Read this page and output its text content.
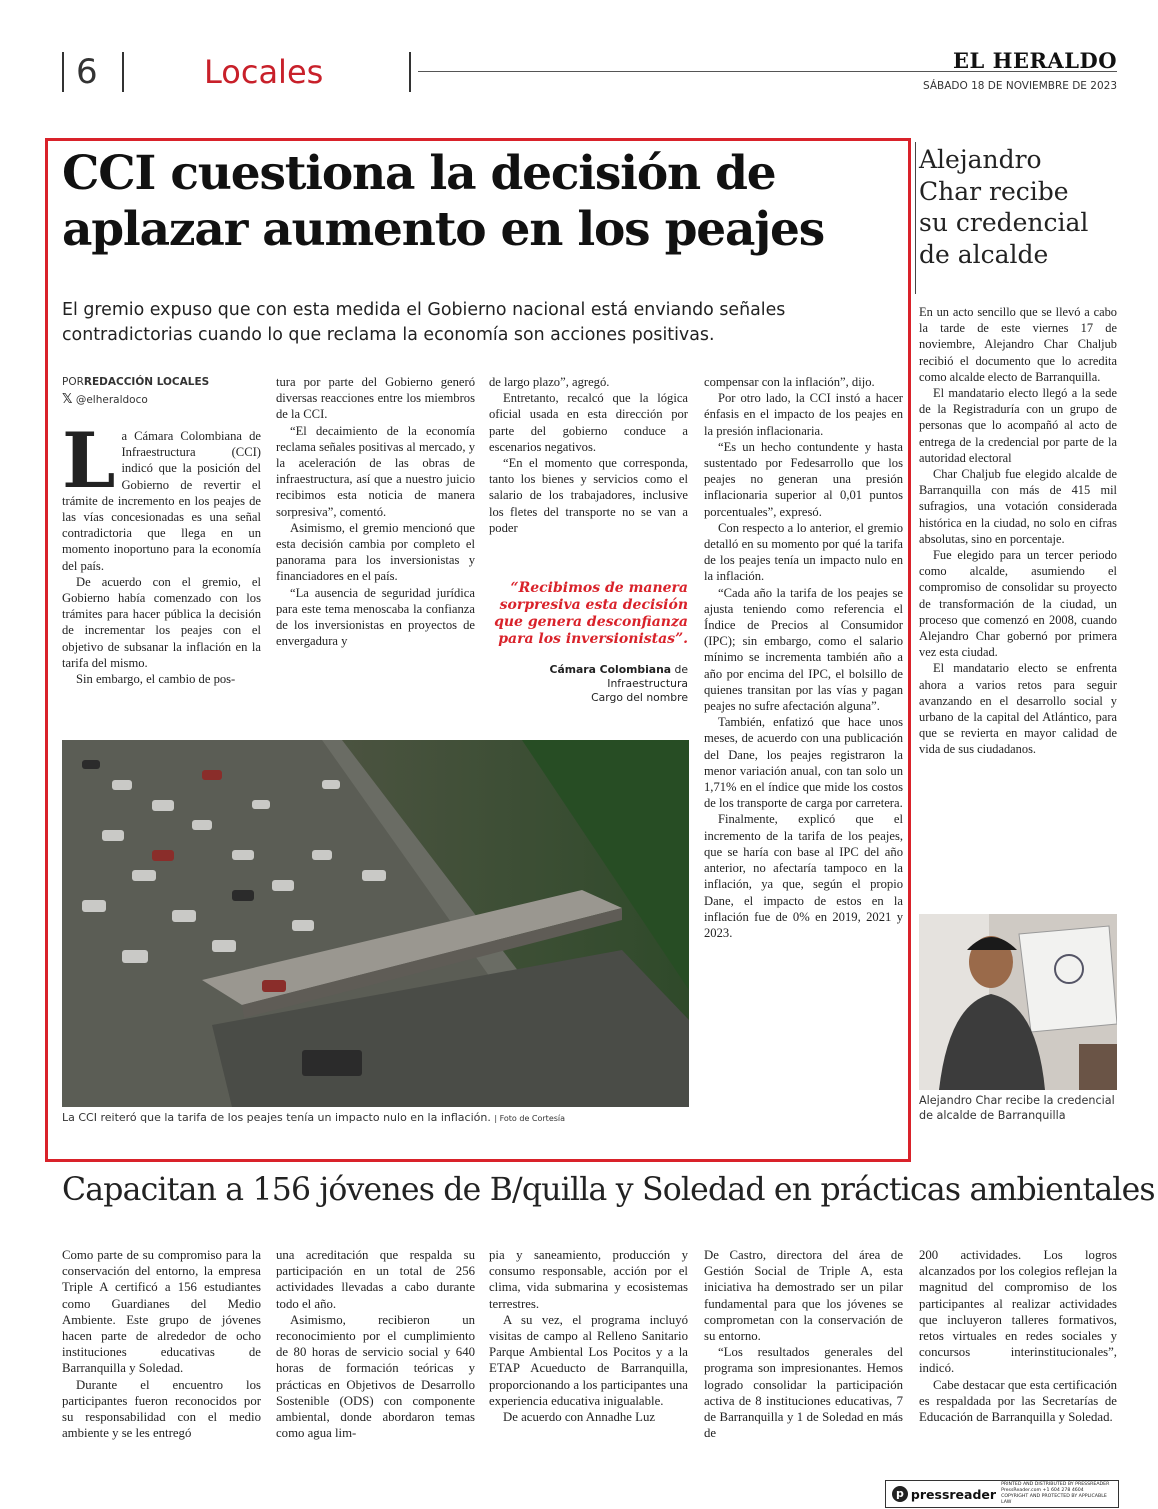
6	Locales	EL HERALDO
SÁBADO 18 DE NOVIEMBRE DE 2023
CCI cuestiona la decisión de
aplazar aumento en los peajes
El gremio expuso que con esta medida el Gobierno nacional está enviando señales
contradictorias cuando lo que reclama la economía son acciones positivas.
PORREDACCIÓN LOCALES
𝕏 @elheraldoco
L a Cámara Colombiana de Infraestructura (CCI) indicó que la posición del Gobierno de revertir el trámite de incremento en los peajes de las vías concesionadas es una señal contradictoria que llega en un momento inoportuno para la economía del país.

De acuerdo con el gremio, el Gobierno había comenzado con los trámites para hacer pública la decisión de incrementar los peajes con el objetivo de subsanar la inflación en la tarifa del mismo.

Sin embargo, el cambio de pos-

tura por parte del Gobierno generó diversas reacciones entre los miembros de la CCI.

“El decaimiento de la economía reclama señales positivas al mercado, y la aceleración de las obras de infraestructura, así que a nuestro juicio recibimos esta noticia de manera sorpresiva”, comentó.

Asimismo, el gremio mencionó que esta decisión cambia por completo el panorama para los inversionistas y financiadores en el país.

“La ausencia de seguridad jurídica para este tema menoscaba la confianza de los inversionistas en proyectos de envergadura y

de largo plazo”, agregó.

Entretanto, recalcó que la lógica oficial usada en esta dirección por parte del gobierno conduce a escenarios negativos.

“En el momento que corresponda, tanto los bienes y servicios como el salario de los trabajadores, inclusive los fletes del transporte no se van a poder

“Recibimos de manera sorpresiva esta decisión que genera desconfianza para los inversionistas”.
Cámara Colombiana de
Infraestructura
Cargo del nombre

compensar con la inflación”, dijo.

Por otro lado, la CCI instó a hacer énfasis en el impacto de los peajes en la presión inflacionaria.

“Es un hecho contundente y hasta sustentado por Fedesarrollo que los peajes no generan una presión inflacionaria superior al 0,01 puntos porcentuales”, expresó.

Con respecto a lo anterior, el gremio detalló en su momento por qué la tarifa de los peajes tenía un impacto nulo en la inflación.

“Cada año la tarifa de los peajes se ajusta teniendo como referencia el Índice de Precios al Consumidor (IPC); sin embargo, como el salario mínimo se incrementa también año a año por encima del IPC, el bolsillo de quienes transitan por las vías y pagan peajes no sufre afectación alguna”.

También, enfatizó que hace unos meses, de acuerdo con una publicación del Dane, los peajes registraron la menor variación anual, con tan solo un 1,71% en el índice que mide los costos de los transporte de carga por carretera.

Finalmente, explicó que el incremento de la tarifa de los peajes, que se haría con base al IPC del año anterior, no afectaría tampoco en la inflación, ya que, según el propio Dane, el impacto de estos en la inflación fue de 0% en 2019, 2021 y 2023.

La CCI reiteró que la tarifa de los peajes tenía un impacto nulo en la inflación. | Foto de Cortesía
Alejandro
Char recibe
su credencial
de alcalde

En un acto sencillo que se llevó a cabo la tarde de este viernes 17 de noviembre, Alejandro Char Chaljub recibió el documento que lo acredita como alcalde electo de Barranquilla.

El mandatario electo llegó a la sede de la Registraduría con un grupo de personas que lo acompañó al acto de entrega de la credencial por parte de la autoridad electoral

Char Chaljub fue elegido alcalde de Barranquilla con más de 415 mil sufragios, una votación considerada histórica en la ciudad, no solo en cifras absolutas, sino en porcentaje.

Fue elegido para un tercer periodo como alcalde, asumiendo el compromiso de consolidar su proyecto de transformación de la ciudad, un proceso que comenzó en 2008, cuando Alejandro Char gobernó por primera vez esta ciudad.

El mandatario electo se enfrenta ahora a varios retos para seguir avanzando en el desarrollo social y urbano de la capital del Atlántico, para que se revierta en mayor calidad de vida de sus ciudadanos.

Alejandro Char recibe la credencial de alcalde de Barranquilla
Capacitan a 156 jóvenes de B/quilla y Soledad en prácticas ambientales

Como parte de su compromiso para la conservación del entorno, la empresa Triple A certificó a 156 estudiantes como Guardianes del Medio Ambiente. Este grupo de jóvenes hacen parte de alrededor de ocho instituciones educativas de Barranquilla y Soledad.

Durante el encuentro los participantes fueron reconocidos por su responsabilidad con el medio ambiente y se les entregó

una acreditación que respalda su participación en un total de 256 actividades llevadas a cabo durante todo el año.

Asimismo, recibieron un reconocimiento por el cumplimiento de 80 horas de servicio social y 640 horas de formación teóricas y prácticas en Objetivos de Desarrollo Sostenible (ODS) con componente ambiental, donde abordaron temas como agua lim-

pia y saneamiento, producción y consumo responsable, acción por el clima, vida submarina y ecosistemas terrestres.

A su vez, el programa incluyó visitas de campo al Relleno Sanitario Parque Ambiental Los Pocitos y a la ETAP Acueducto de Barranquilla, proporcionando a los participantes una experiencia educativa inigualable.

De acuerdo con Annadhe Luz

De Castro, directora del área de Gestión Social de Triple A, esta iniciativa ha demostrado ser un pilar fundamental para que los jóvenes se comprometan con la conservación de su entorno.

“Los resultados generales del programa son impresionantes. Hemos logrado consolidar la participación activa de 8 instituciones educativas, 7 de Barranquilla y 1 de Soledad en más de

200 actividades. Los logros alcanzados por los colegios reflejan la magnitud del compromiso de los participantes al realizar actividades que incluyeron talleres formativos, retos virtuales en redes sociales y concursos interinstitucionales”, indicó.

Cabe destacar que esta certificación es respaldada por las Secretarías de Educación de Barranquilla y Soledad.

p pressreader
PRINTED AND DISTRIBUTED BY PRESSREADER
PressReader.com +1 604 278 4604
COPYRIGHT AND PROTECTED BY APPLICABLE LAW
